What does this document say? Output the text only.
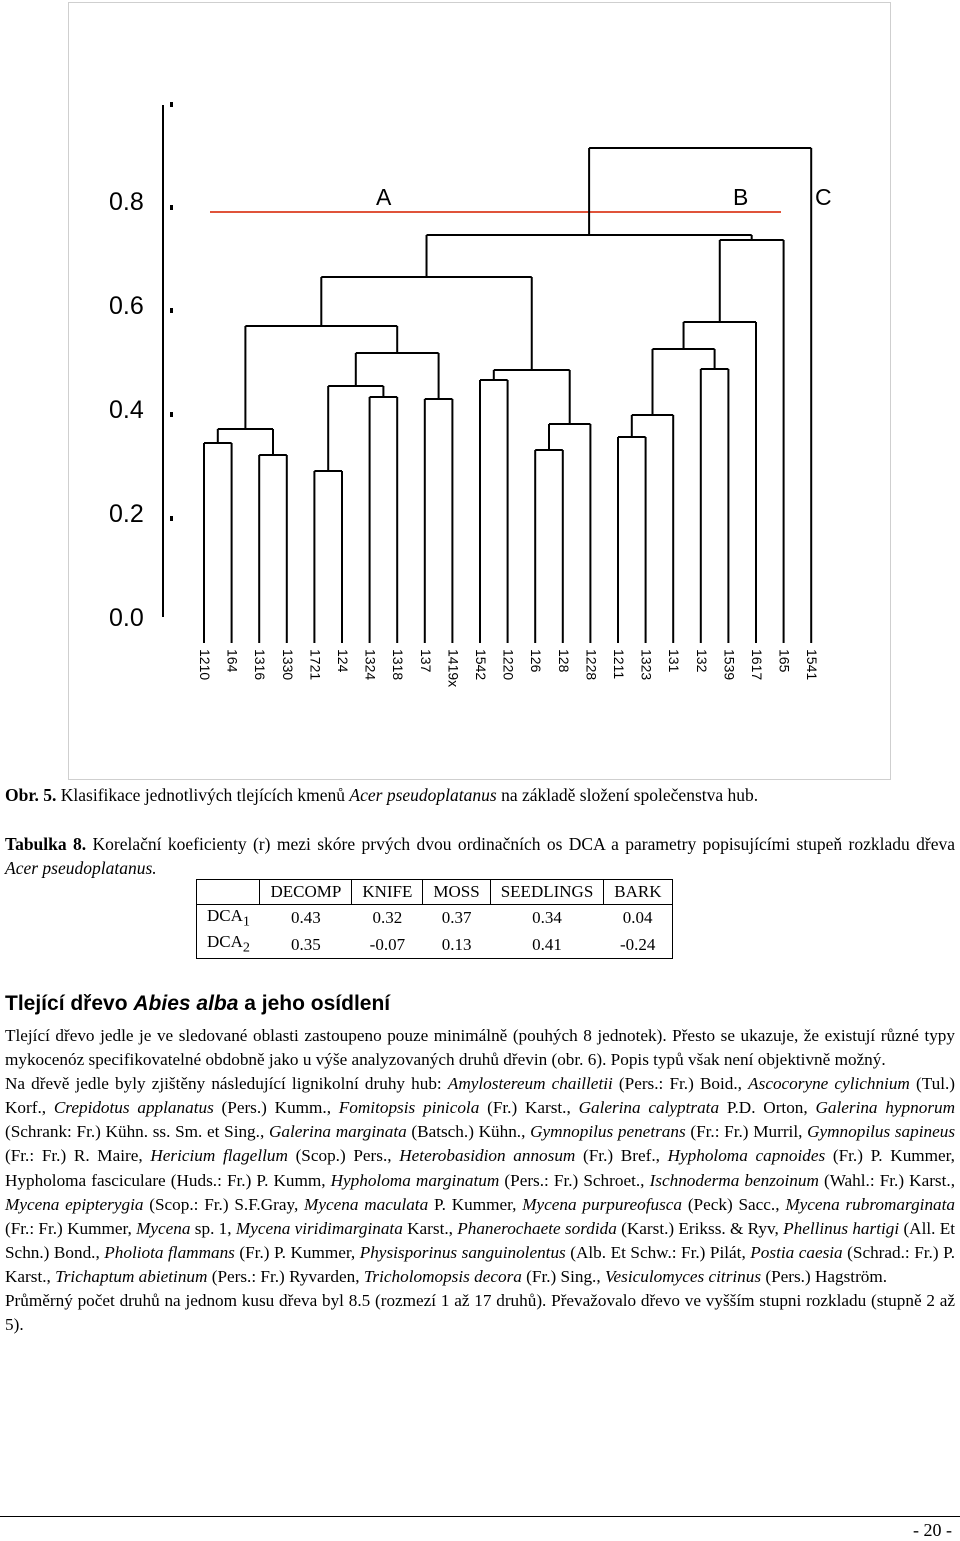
0.8
0.6
0.4
0.2
0.0
A	B	C
1210 164 1316 1330 1721 124 1324 1318 137 1419x 1542 1220 126 128 1228 1211 1323 131 132 1539 1617 165 1541
Obr. 5. Klasifikace jednotlivých tlejících kmenů Acer pseudoplatanus na základě složení společenstva hub.
Tabulka 8. Korelační koeficienty (r) mezi skóre prvých dvou ordinačních os DCA a parametry popisujícími stupeň rozkladu dřeva Acer pseudoplatanus.
	DECOMP	KNIFE	MOSS	SEEDLINGS	BARK
$DCA_1$	0.43	0.32	0.37	0.34	0.04
$DCA_2$	0.35	-0.07	0.13	0.41	-0.24
Tlející dřevo Abies alba a jeho osídlení

Tlející dřevo jedle je ve sledované oblasti zastoupeno pouze minimálně (pouhých 8 jednotek). Přesto se ukazuje, že existují různé typy mykocenóz specifikovatelné obdobně jako u výše analyzovaných druhů dřevin (obr. 6). Popis typů však není objektivně možný.

Na dřevě jedle byly zjištěny následující lignikolní druhy hub: Amylostereum chailletii (Pers.: Fr.) Boid., Ascocoryne cylichnium (Tul.) Korf., Crepidotus applanatus (Pers.) Kumm., Fomitopsis pinicola (Fr.) Karst., Galerina calyptrata P.D. Orton, Galerina hypnorum (Schrank: Fr.) Kühn. ss. Sm. et Sing., Galerina marginata (Batsch.) Kühn., Gymnopilus penetrans (Fr.: Fr.) Murril, Gymnopilus sapineus (Fr.: Fr.) R. Maire, Hericium flagellum (Scop.) Pers., Heterobasidion annosum (Fr.) Bref., Hypholoma capnoides (Fr.) P. Kummer, Hypholoma fasciculare (Huds.: Fr.) P. Kumm, Hypholoma marginatum (Pers.: Fr.) Schroet., Ischnoderma benzoinum (Wahl.: Fr.) Karst., Mycena epipterygia (Scop.: Fr.) S.F.Gray, Mycena maculata P. Kummer, Mycena purpureofusca (Peck) Sacc., Mycena rubromarginata (Fr.: Fr.) Kummer, Mycena sp. 1, Mycena viridimarginata Karst., Phanerochaete sordida (Karst.) Erikss. & Ryv, Phellinus hartigi (All. Et Schn.) Bond., Pholiota flammans (Fr.) P. Kummer, Physisporinus sanguinolentus (Alb. Et Schw.: Fr.) Pilát, Postia caesia (Schrad.: Fr.) P. Karst., Trichaptum abietinum (Pers.: Fr.) Ryvarden, Tricholomopsis decora (Fr.) Sing., Vesiculomyces citrinus (Pers.) Hagström.

Průměrný počet druhů na jednom kusu dřeva byl 8.5 (rozmezí 1 až 17 druhů). Převažovalo dřevo ve vyšším stupni rozkladu (stupně 2 až 5).

- 20 -
